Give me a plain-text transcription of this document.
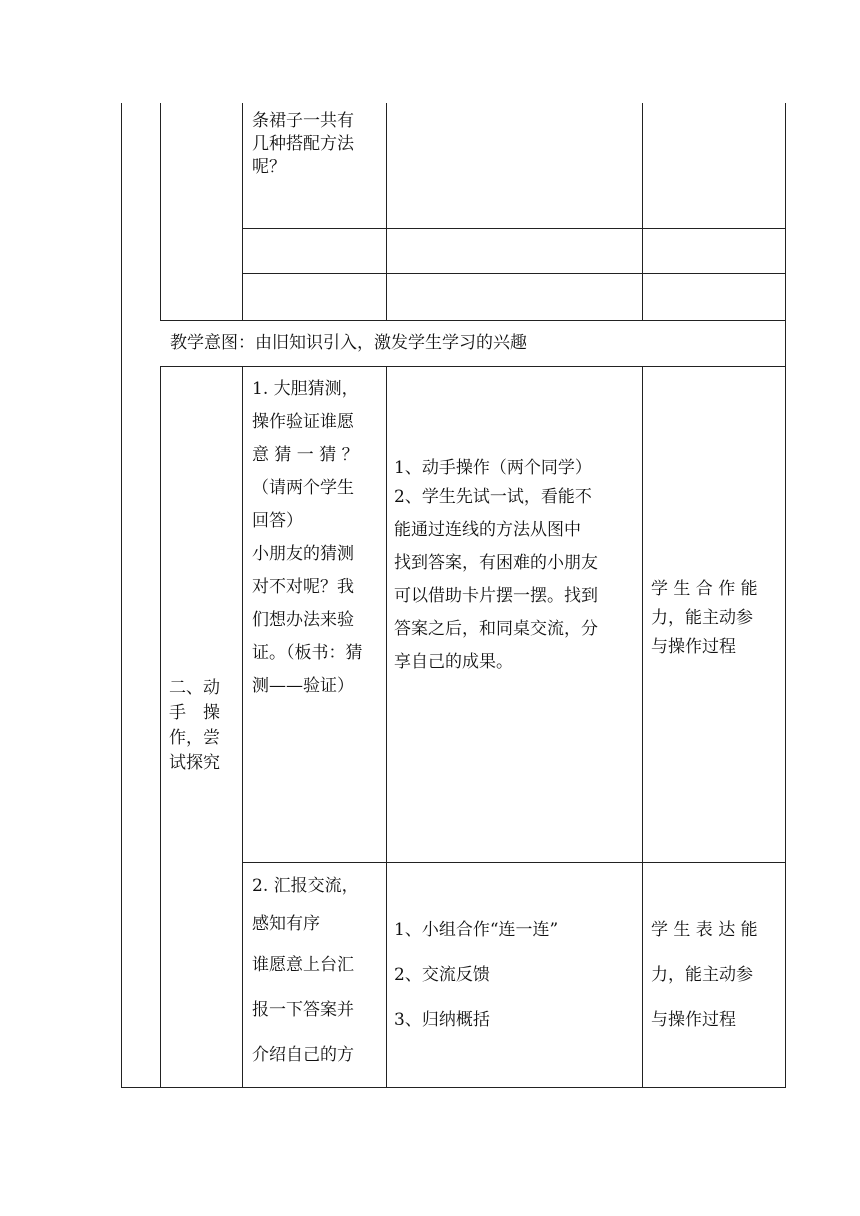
条裙子一共有
几种搭配方法
呢？
教学意图：由旧知识引入，激发学生学习的兴趣
二、动
手　操
作，尝
试探究
1. 大胆猜测，
操作验证谁愿
意 猜 一 猜 ？
（请两个学生
回答）
小朋友的猜测
对不对呢？我
们想办法来验
证。（板书：猜
测——验证）
1、动手操作（两个同学）
2、学生先试一试，看能不
能通过连线的方法从图中
找到答案，有困难的小朋友
可以借助卡片摆一摆。找到
答案之后，和同桌交流，分
享自己的成果。
学 生 合 作 能
力，能主动参
与操作过程
2. 汇报交流，
感知有序
谁愿意上台汇
报一下答案并
介绍自己的方
1、小组合作“连一连”
2、交流反馈
3、归纳概括
学 生 表 达 能
力，能主动参
与操作过程
